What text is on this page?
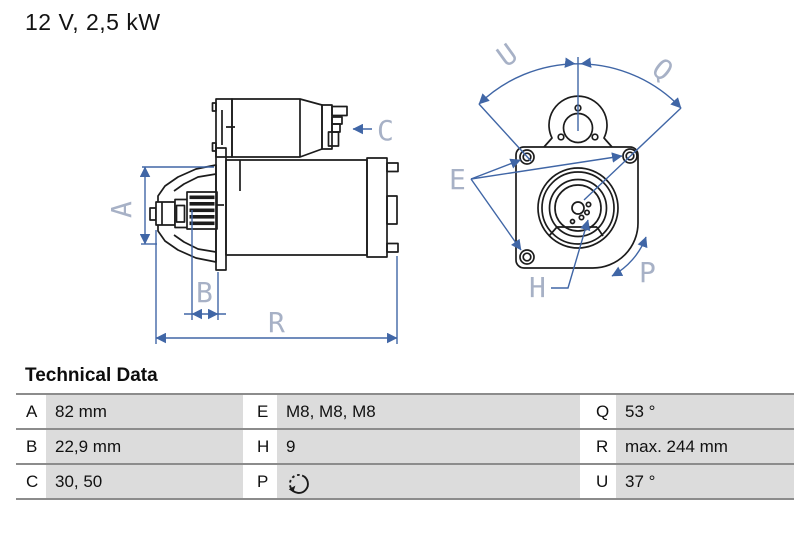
12 V, 2,5 kW
A
B
R
C
U	Q
E
H	P
Technical Data
A	82 mm	E	M8, M8, M8	Q 53 °
B	22,9 mm	H 9	R max. 244 mm
C 30, 50	P	U 37 °
